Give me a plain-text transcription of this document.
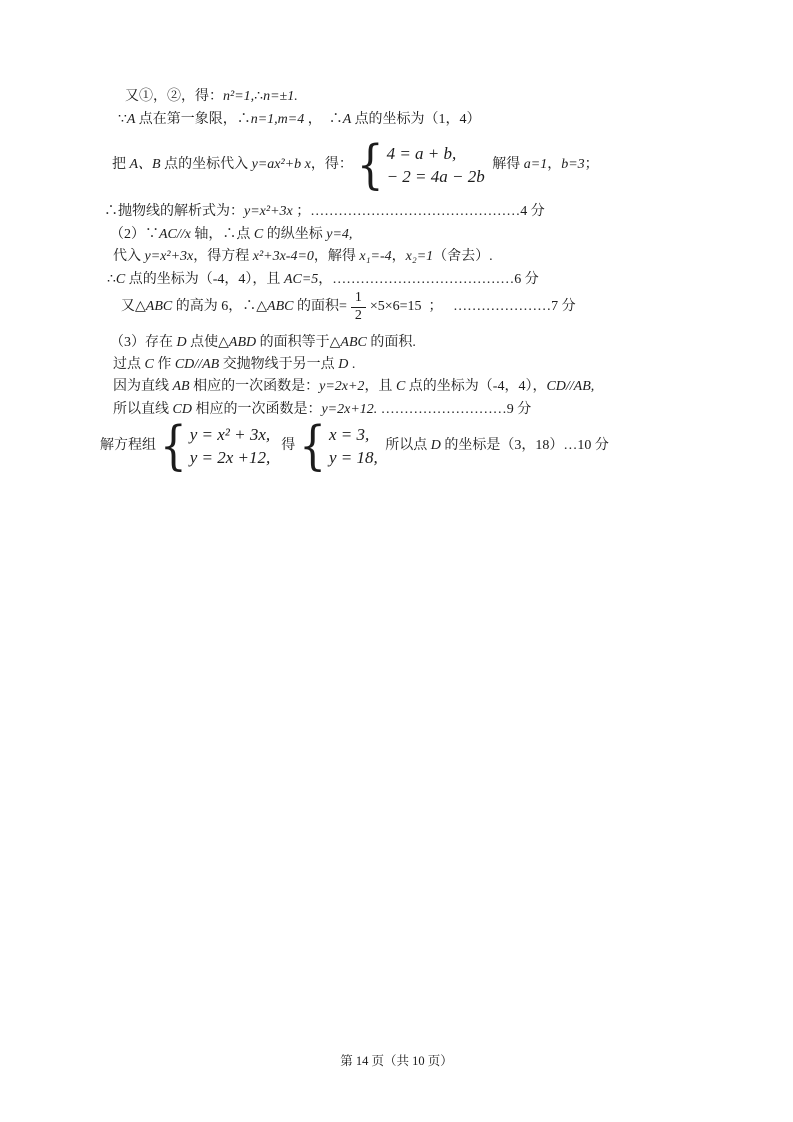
又①，②，得： n²=1, ∴ n=±1.
∵ A 点在第一象限，∴ n=1,m=4 ，  ∴ A 点的坐标为（1，4）
把 A、B 点的坐标代入 y=ax²+b x ，得： { 4 = a + b,
− 2 = 4a − 2b
解得 a=1 ， b=3 ；
∴抛物线的解析式为： y=x²+3x ； ……………………………………… 4 分
（2）∵ AC//x 轴，∴点 C 的纵坐标 y=4,
代入 y=x²+3x ，得方程 x²+3x-4=0 ，解得 x₁=-4 ， x₂=1 （舍去）.
∴ C 点的坐标为（-4，4），且 AC=5 ， ………………………………… 6 分
又△ ABC 的高为 6，∴△ ABC 的面积= $\frac{1}{2} \times 5\times 6=15$  ； ………………… 7 分
（3）存在 D 点使△ ABD 的面积等于△ ABC 的面积.
过点 C 作 CD//AB 交抛物线于另一点 D .
因为直线 AB 相应的一次函数是： y=2x+2 ，且 C 点的坐标为（-4，4）， CD//AB,
所以直线 CD 相应的一次函数是： y=2x+12. ……………………… 9 分
解方程组 { y = x² + 3x,
y = 2x +12,
得 { x = 3,
y = 18,
所以点 D 的坐标是（3，18）…10 分
第 14 页（共 10 页）
